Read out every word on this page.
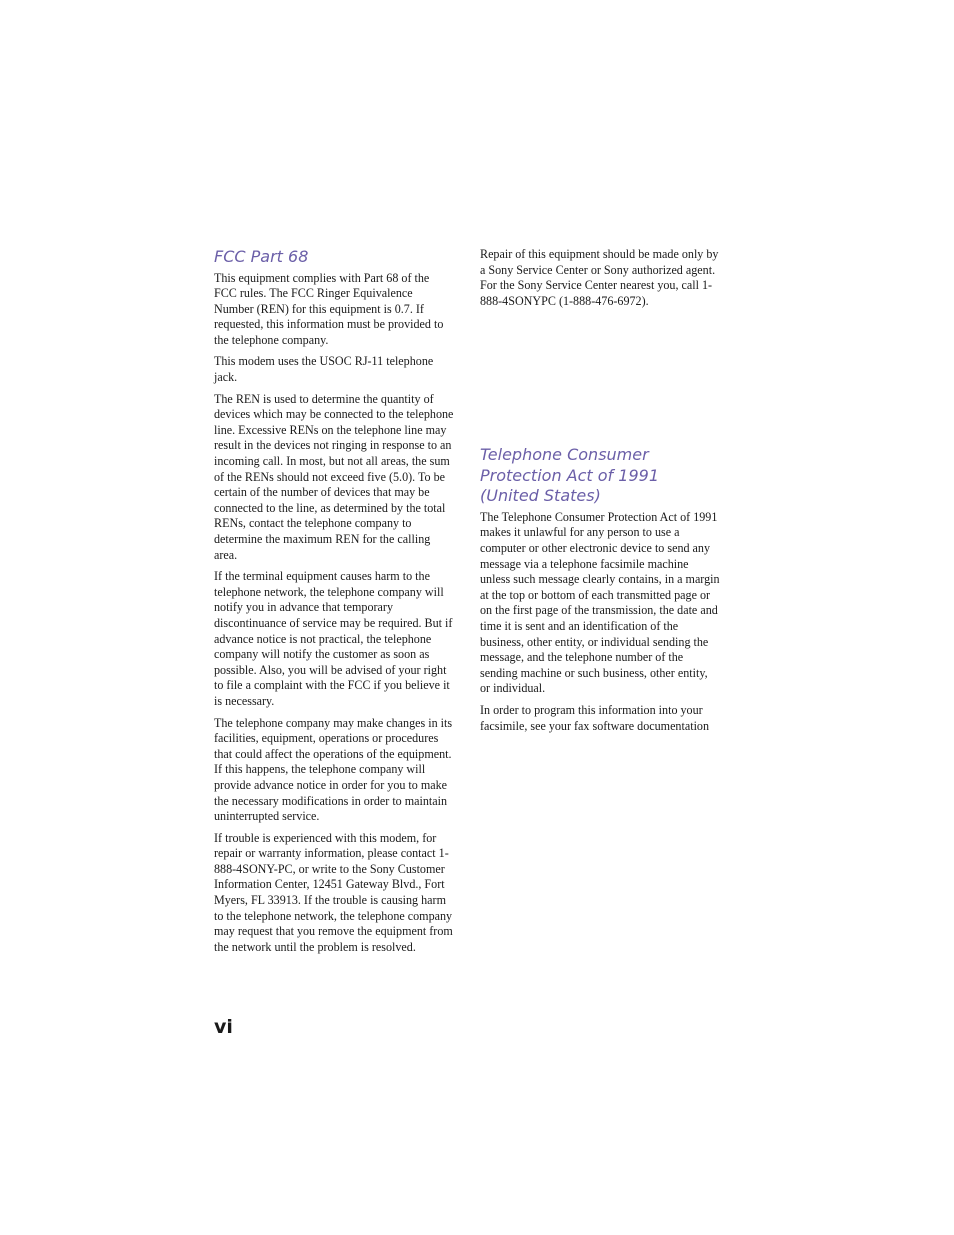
FCC Part 68

This equipment complies with Part 68 of the FCC rules. The FCC Ringer Equivalence Number (REN) for this equipment is 0.7. If requested, this information must be provided to the telephone company.

This modem uses the USOC RJ-11 telephone jack.

The REN is used to determine the quantity of devices which may be connected to the telephone line. Excessive RENs on the telephone line may result in the devices not ringing in response to an incoming call. In most, but not all areas, the sum of the RENs should not exceed five (5.0). To be certain of the number of devices that may be connected to the line, as determined by the total RENs, contact the telephone company to determine the maximum REN for the calling area.

If the terminal equipment causes harm to the telephone network, the telephone company will notify you in advance that temporary discontinuance of service may be required. But if advance notice is not practical, the telephone company will notify the customer as soon as possible. Also, you will be advised of your right to file a complaint with the FCC if you believe it is necessary.

The telephone company may make changes in its facilities, equipment, operations or procedures that could affect the operations of the equipment. If this happens, the telephone company will provide advance notice in order for you to make the necessary modifications in order to maintain uninterrupted service.

If trouble is experienced with this modem, for repair or warranty information, please contact 1-888-4SONY-PC, or write to the Sony Customer Information Center, 12451 Gateway Blvd., Fort Myers, FL 33913. If the trouble is causing harm to the telephone network, the telephone company may request that you remove the equipment from the network until the problem is resolved.

Repair of this equipment should be made only by a Sony Service Center or Sony authorized agent. For the Sony Service Center nearest you, call 1-888-4SONYPC (1-888-476-6972).

Telephone Consumer Protection Act of 1991 (United States)

The Telephone Consumer Protection Act of 1991 makes it unlawful for any person to use a computer or other electronic device to send any message via a telephone facsimile machine unless such message clearly contains, in a margin at the top or bottom of each transmitted page or on the first page of the transmission, the date and time it is sent and an identification of the business, other entity, or individual sending the message, and the telephone number of the sending machine or such business, other entity, or individual.

In order to program this information into your facsimile, see your fax software documentation

vi
